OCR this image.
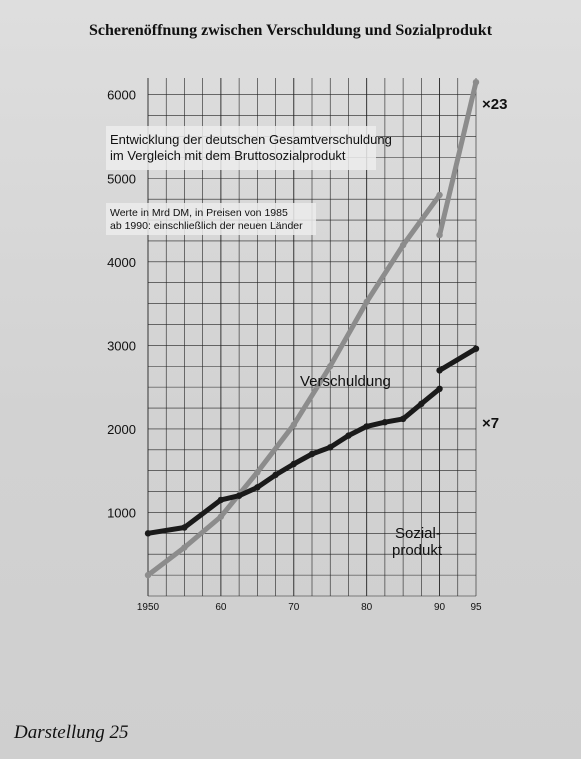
Scherenöffnung zwischen Verschuldung und Sozialprodukt
1000
2000
3000
4000
5000
6000
1950	60	70	80	90	95
Entwicklung der deutschen Gesamtverschuldung
im Vergleich mit dem Bruttosozialprodukt
Werte in Mrd DM, in Preisen von 1985
ab 1990: einschließlich der neuen Länder
Verschuldung
Sozial-
produkt
×23
×7
Darstellung 25
